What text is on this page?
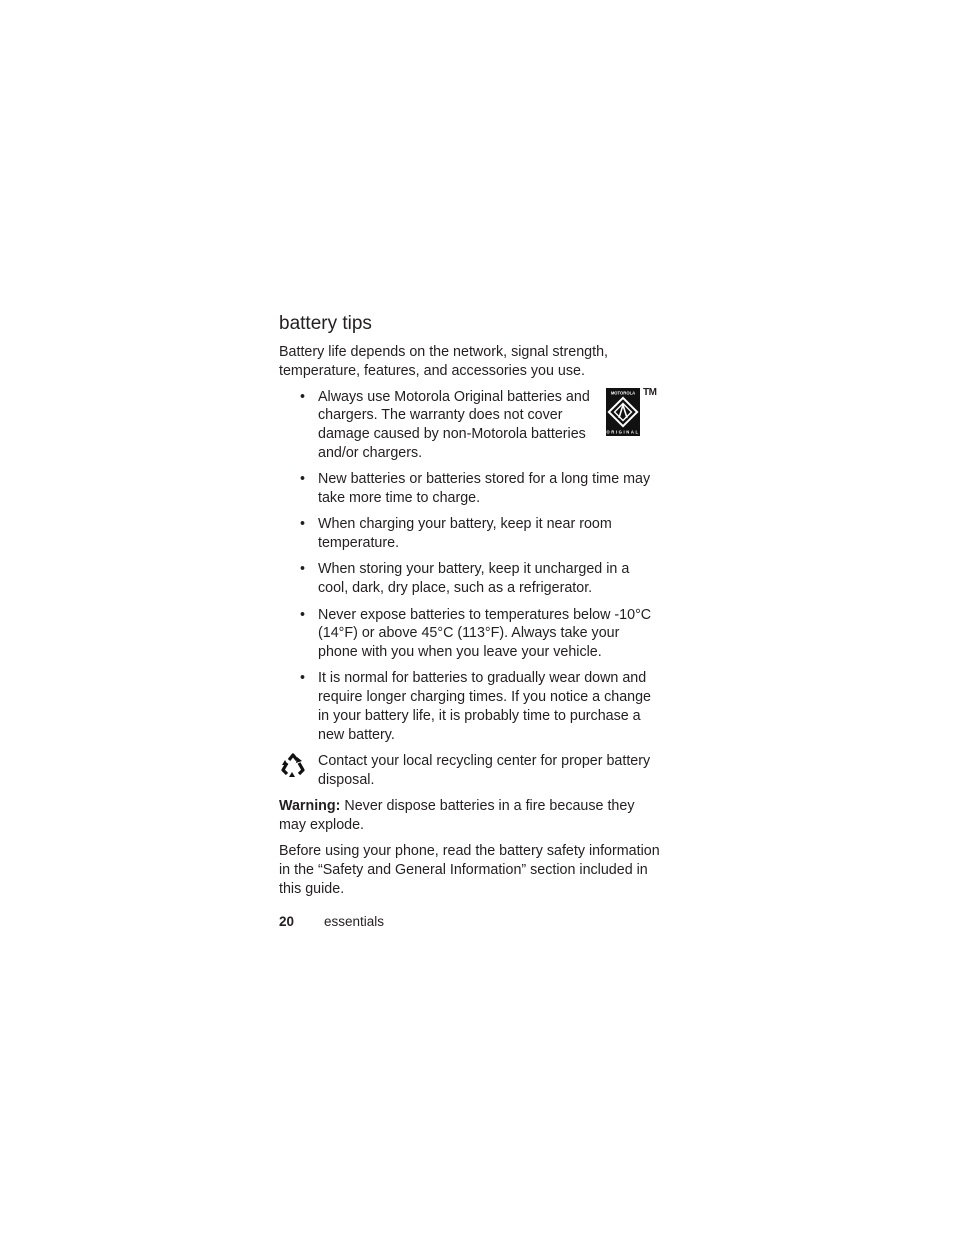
battery tips

Battery life depends on the network, signal strength, temperature, features, and accessories you use.

• Always use Motorola Original batteries and chargers. The warranty does not cover damage caused by non-Motorola batteries and/or chargers.
MOTOROLA
ORIGINAL
TM
• New batteries or batteries stored for a long time may take more time to charge.
• When charging your battery, keep it near room temperature.
• When storing your battery, keep it uncharged in a cool, dark, dry place, such as a refrigerator.
• Never expose batteries to temperatures below -10°C (14°F) or above 45°C (113°F). Always take your phone with you when you leave your vehicle.
• It is normal for batteries to gradually wear down and require longer charging times. If you notice a change in your battery life, it is probably time to purchase a new battery.
Contact your local recycling center for proper battery disposal.

Warning: Never dispose batteries in a fire because they may explode.

Before using your phone, read the battery safety information in the “Safety and General Information” section included in this guide.

20 essentials
